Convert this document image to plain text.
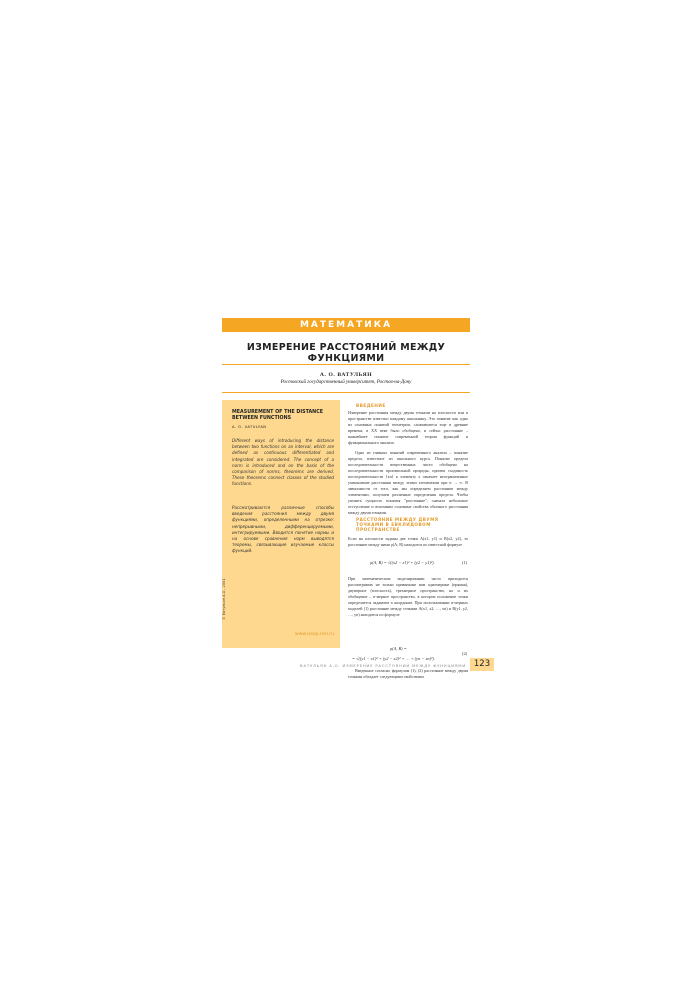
МАТЕМАТИКА
ИЗМЕРЕНИЕ РАССТОЯНИЙ МЕЖДУ ФУНКЦИЯМИ
А. О. ВАТУЛЬЯН
Ростовский государственный университет, Ростов-на-Дону
MEASUREMENT OF THE DISTANCE BETWEEN FUNCTIONS
A. O. VATULYAN
Different ways of introducing the distance between two functions on an interval, which are defined as continuous differentiated and integrated are considered. The concept of a norm is introduced and on the basis of the comparison of norms, theorems are derived. These theorems connect classes of the studied functions.
Рассматриваются различные способы введения расстояния между двумя функциями, определенными на отрезке: непрерывными, дифференцируемыми, интегрируемыми. Вводится понятие нормы и на основе сравнения норм выводятся теоремы, связывающие изучаемые классы функций.
www.issep.rssi.ru
© Ватульян А.О., 2001
ВВЕДЕНИЕ
Измерение расстояния между двумя точками на плоскости или в пространстве известно каждому школьнику. Это понятие как одно из основных понятий геометрии, сложившееся еще в древние времена, в ХХ веке было обобщено, и сейчас расстояние – важнейшее понятие современной теории функций и функционального анализа.
Одно из главных понятий современного анализа – понятие предела, известное из школьного курса. Понятие предела последовательности вещественных чисел обобщено на последовательности произвольной природы, причем сходимость последовательности {xn} к элементу x означает неограниченное уменьшение расстояния между этими элементами при n → ∞. В зависимости от того, как мы определяем расстояние между элементами, получаем различные определения предела. Чтобы уяснить сущность понятия "расстояние", сначала небольшое отступление и вспомним основные свойства обычного расстояния между двумя точками.
РАССТОЯНИЕ МЕЖДУ ДВУМЯ ТОЧКАМИ В ЕВКЛИДОВОМ ПРОСТРАНСТВЕ
Если на плоскости заданы две точки A(x1, y1) и B(x2, y2), то расстояние между ними ρ(A, B) находится по известной формуле
ρ(A, B) = √((x2 − x1)² + (y2 − y1)²).	(1)
При математическом моделировании часто приходится рассматривать не только привычные нам одномерные (прямая), двумерное (плоскость), трехмерное пространство, но и их обобщение – n-мерное пространство, в котором положение точки определяется заданием n координат. При использовании n-мерных моделей (1) расстояние между точками A(x1, x2, …, xn) и B(y1, y2, …, yn) находится по формуле
ρ(A, B) =
= √((y1 − x1)² + (y2 − x2)² + … + (yn − xn)²).
(2)
Введенное согласно формулам (1), (2) расстояние между двумя точками обладает следующими свойствами
ВАТУЛЬЯН А.О. ИЗМЕРЕНИЕ РАССТОЯНИЙ МЕЖДУ ФУНКЦИЯМИ 123
